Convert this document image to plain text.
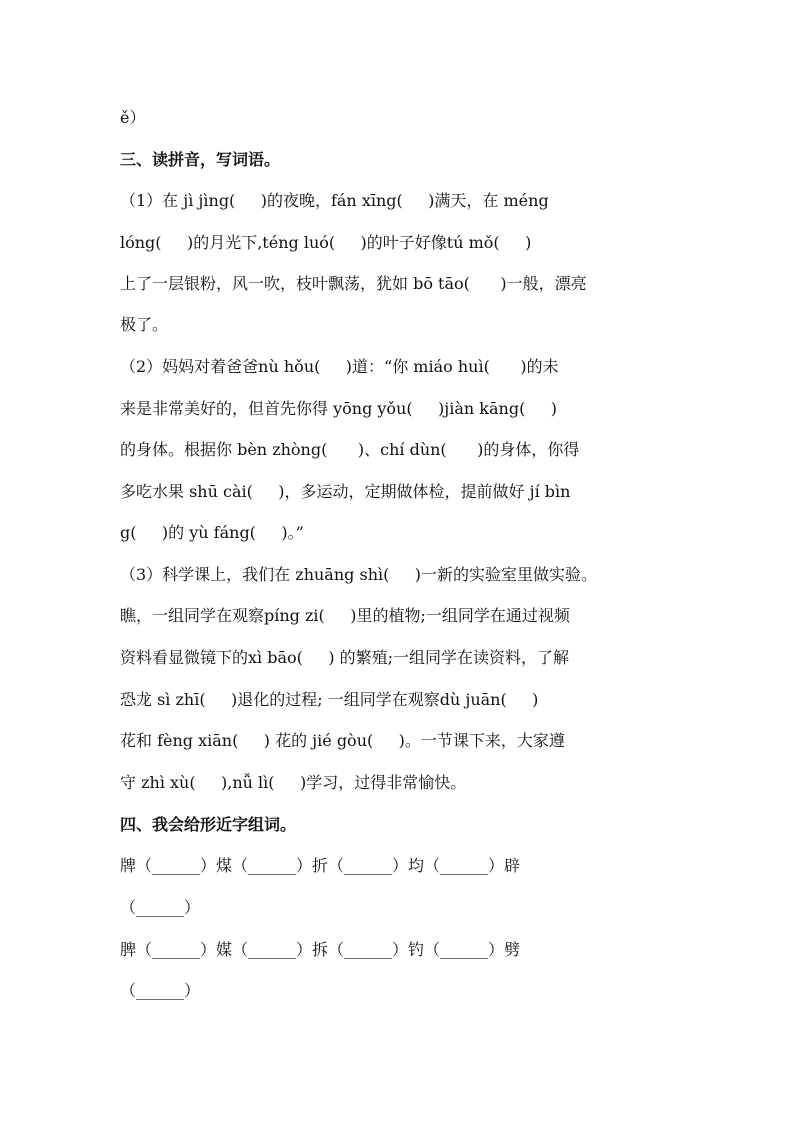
ě）
三、读拼音，写词语。
（1）在 jì jìng(     )的夜晚，fán xīng(     )满天，在 méng
lóng(     )的月光下,téng luó(     )的叶子好像tú mǒ(     )
上了一层银粉，风一吹，枝叶飘荡，犹如 bō tāo(      )一般，漂亮
极了。
（2）妈妈对着爸爸nù hǒu(     )道：“你 miáo huì(      )的未
来是非常美好的，但首先你得 yōng yǒu(     )jiàn kāng(     )
的身体。根据你 bèn zhòng(      )、chí dùn(      )的身体，你得
多吃水果 shū cài(     )，多运动，定期做体检，提前做好 jí bìn
g(     )的 yù fáng(     )。”
（3）科学课上，我们在 zhuāng shì(     )一新的实验室里做实验。
瞧，一组同学在观察píng zi(     )里的植物;一组同学在通过视频
资料看显微镜下的xì bāo(     ) 的繁殖;一组同学在读资料，了解
恐龙 sì zhī(     )退化的过程; 一组同学在观察dù juān(     )
花和 fèng xiān(     ) 花的 jié gòu(     )。一节课下来，大家遵
守 zhì xù(     ),nǚ lì(     )学习，过得非常愉快。
四、我会给形近字组词。
牌（______）煤（______）折（______）均（______）辟
（______）
脾（______）媒（______）拆（______）钓（______）劈
（______）
